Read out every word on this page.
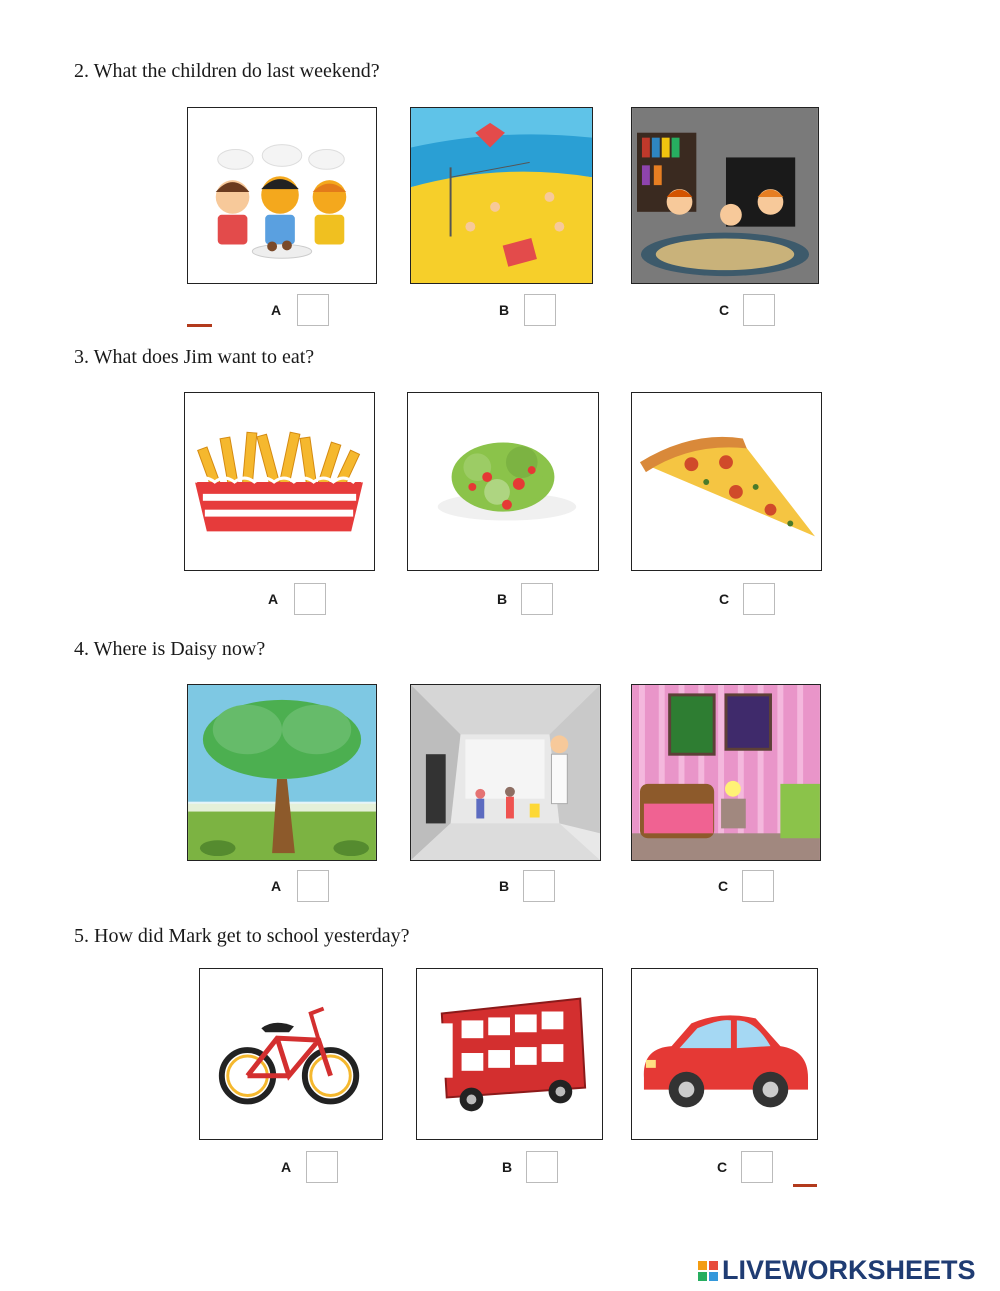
2. What the children do last weekend?
A	B	C
3. What does Jim want to eat?
A	B	C
4. Where is Daisy now?
A	B	C
5. How did Mark get to school yesterday?
A	B	C
LIVEWORKSHEETS
